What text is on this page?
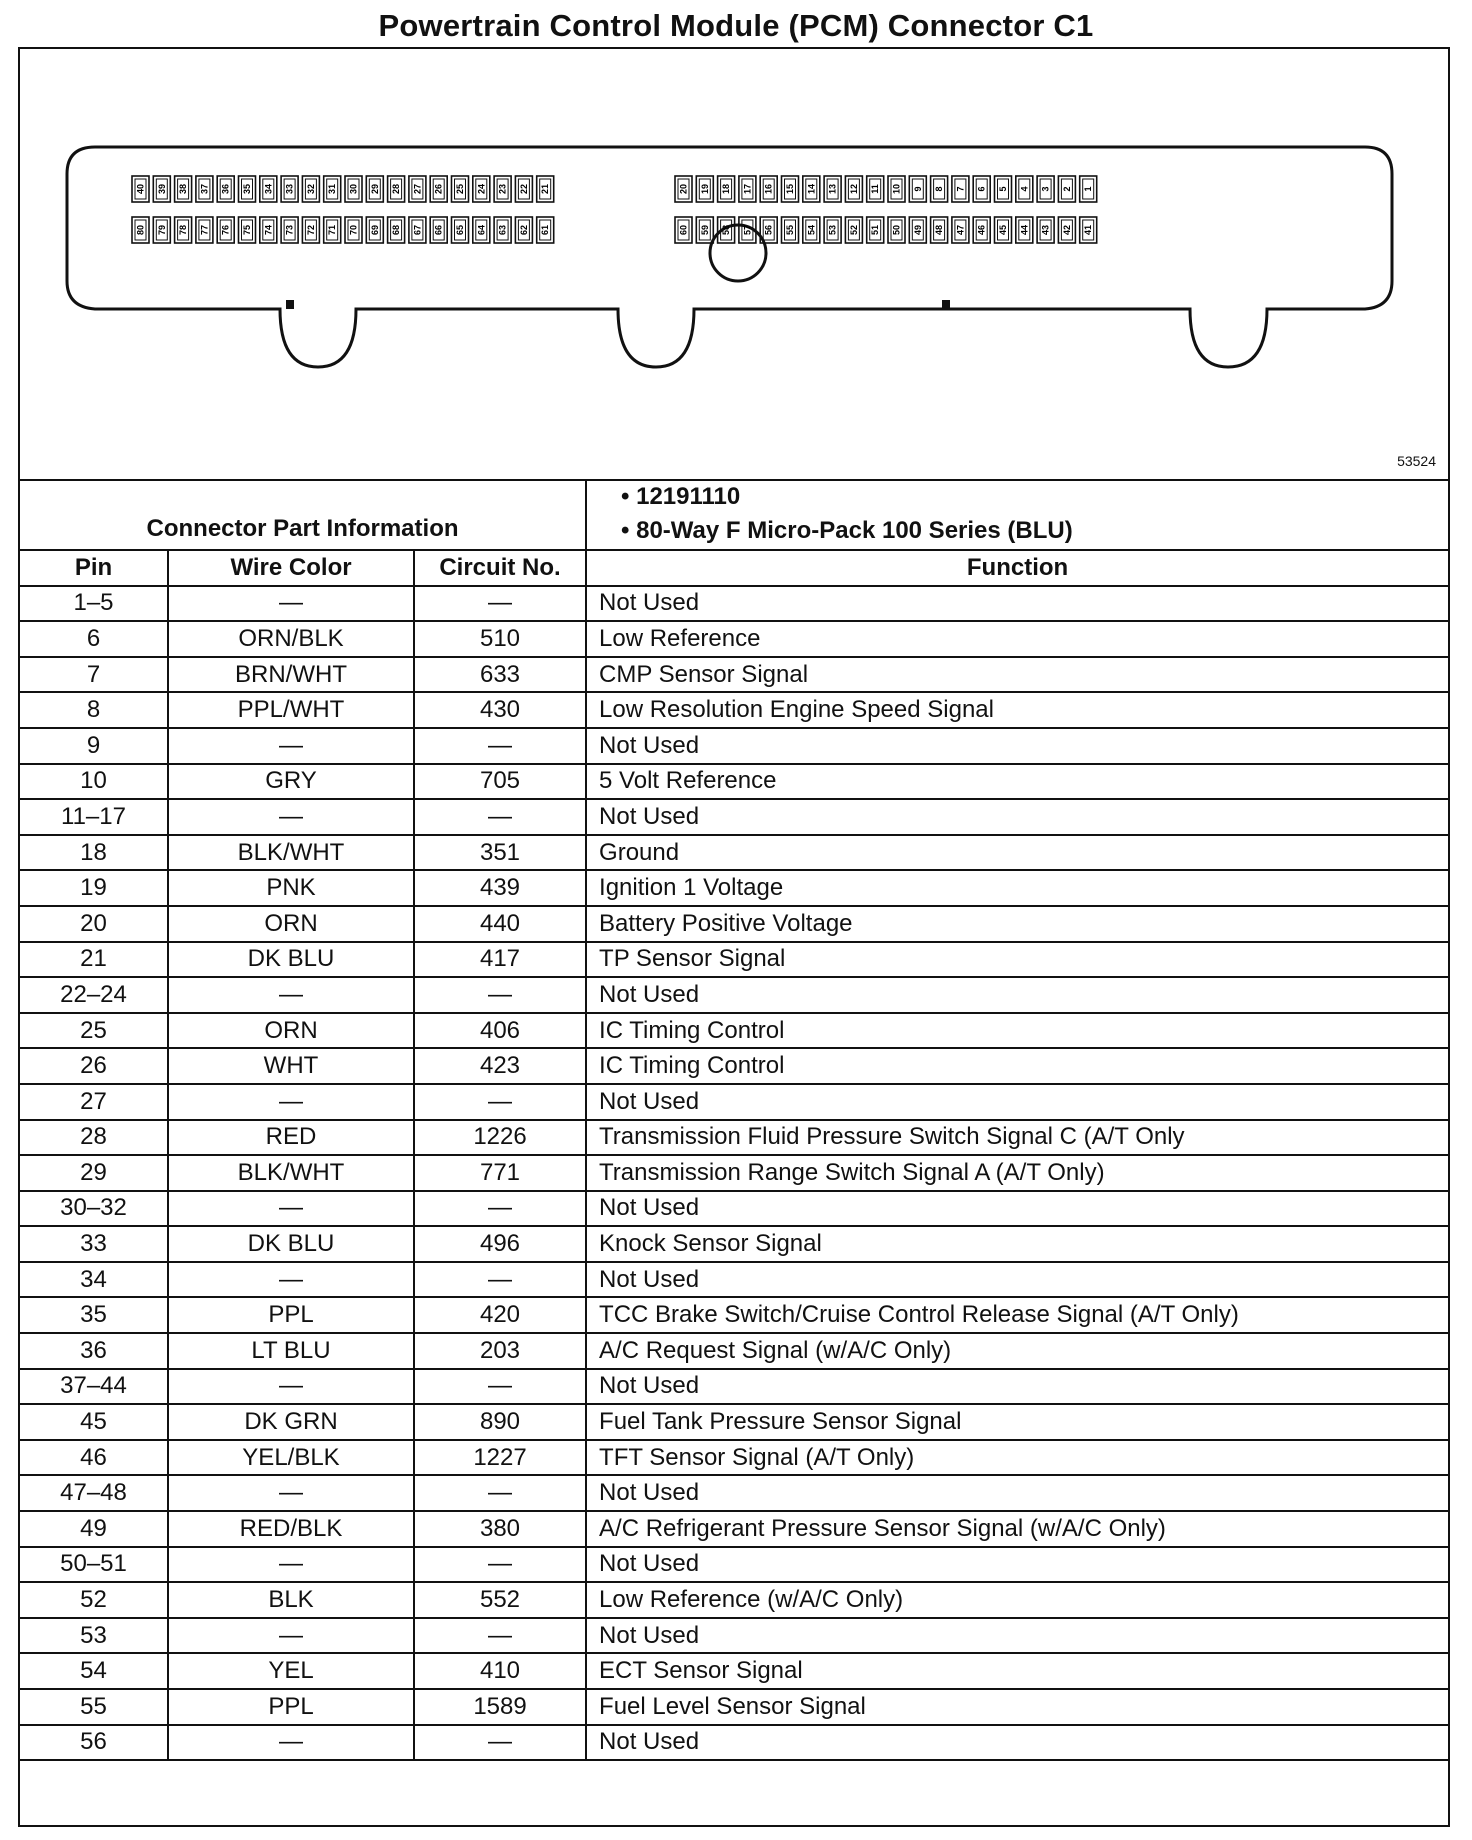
Powertrain Control Module (PCM) Connector C1
40 39 38 37 36 35 34 33 32 31 30 29 28 27 26 25 24 23 22 21
80 79 78 77 76 75 74 73 72 71 70 69 68 67 66 65 64 63 62 61
20 19 18 17 16 15 14 13 12 11 10 9 8 7 6 5 4 3 2 1
60 59 58 57 56 55 54 53 52 51 50 49 48 47 46 45 44 43 42 41
53524
Connector Part Information			• 12191110
• 80-Way F Micro-Pack 100 Series (BLU)

Pin	Wire Color	Circuit No.	Function
1–5	—	—	Not Used
6	ORN/BLK	510	Low Reference
7	BRN/WHT	633	CMP Sensor Signal
8	PPL/WHT	430	Low Resolution Engine Speed Signal
9	—	—	Not Used
10	GRY	705	5 Volt Reference
11–17	—	—	Not Used
18	BLK/WHT	351	Ground
19	PNK	439	Ignition 1 Voltage
20	ORN	440	Battery Positive Voltage
21	DK BLU	417	TP Sensor Signal
22–24	—	—	Not Used
25	ORN	406	IC Timing Control
26	WHT	423	IC Timing Control
27	—	—	Not Used
28	RED	1226	Transmission Fluid Pressure Switch Signal C (A/T Only
29	BLK/WHT	771	Transmission Range Switch Signal A (A/T Only)
30–32	—	—	Not Used
33	DK BLU	496	Knock Sensor Signal
34	—	—	Not Used
35	PPL	420	TCC Brake Switch/Cruise Control Release Signal (A/T Only)
36	LT BLU	203	A/C Request Signal (w/A/C Only)
37–44	—	—	Not Used
45	DK GRN	890	Fuel Tank Pressure Sensor Signal
46	YEL/BLK	1227	TFT Sensor Signal (A/T Only)
47–48	—	—	Not Used
49	RED/BLK	380	A/C Refrigerant Pressure Sensor Signal (w/A/C Only)
50–51	—	—	Not Used
52	BLK	552	Low Reference (w/A/C Only)
53	—	—	Not Used
54	YEL	410	ECT Sensor Signal
55	PPL	1589	Fuel Level Sensor Signal
56	—	—	Not Used
